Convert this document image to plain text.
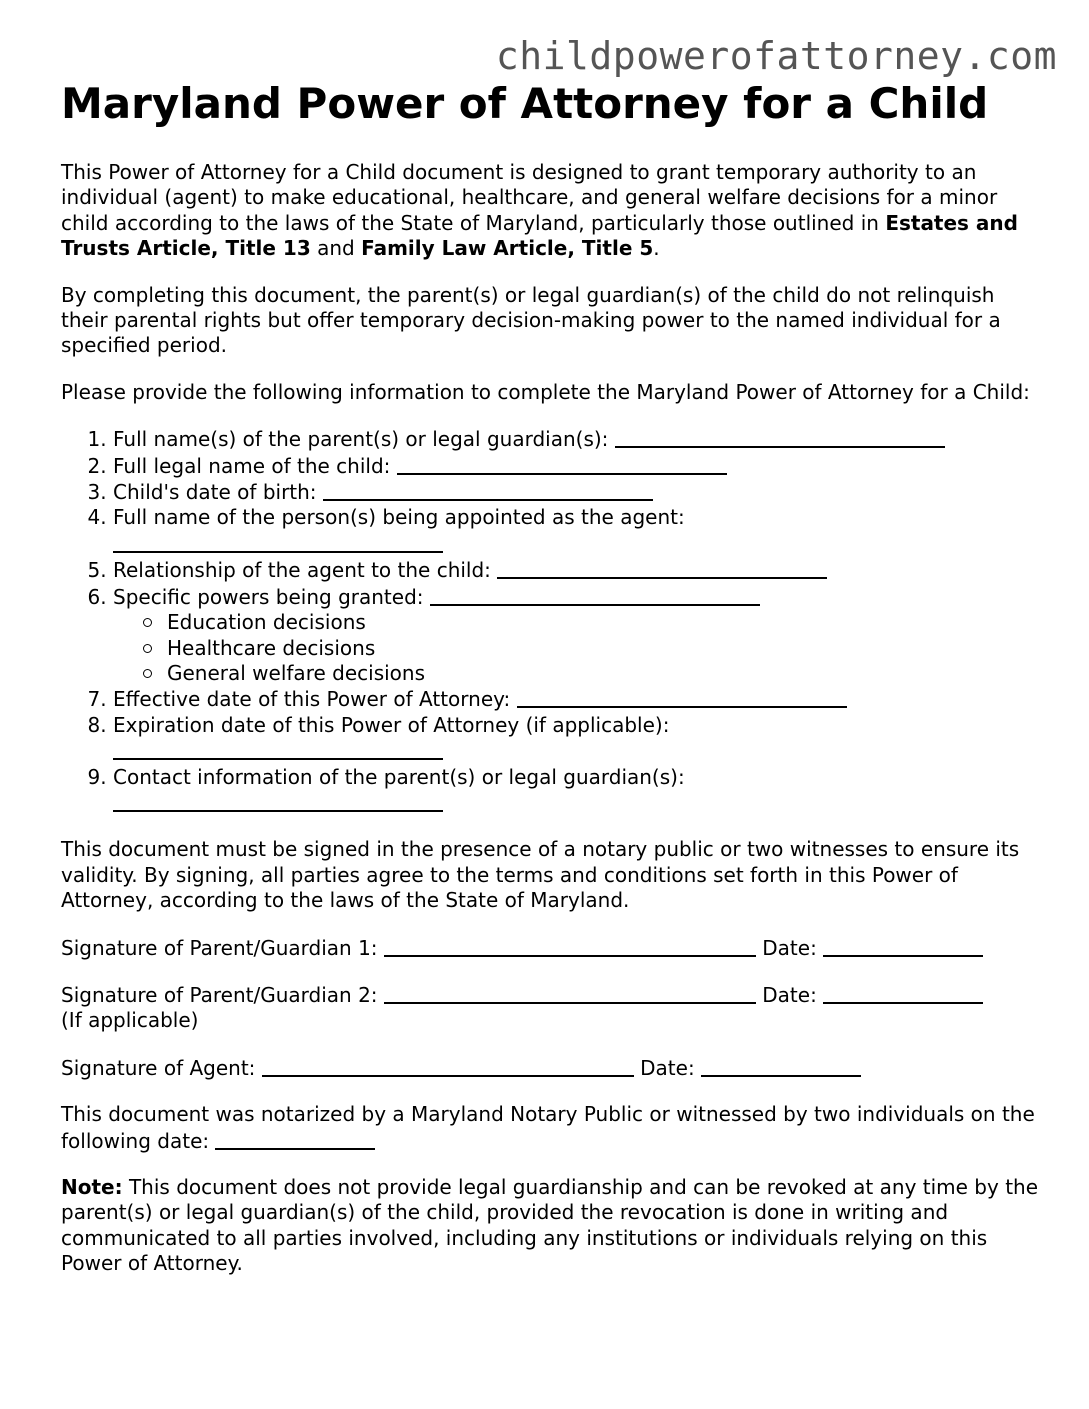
childpowerofattorney.com
Maryland Power of Attorney for a Child

This Power of Attorney for a Child document is designed to grant temporary authority to an individual (agent) to make educational, healthcare, and general welfare decisions for a minor child according to the laws of the State of Maryland, particularly those outlined in Estates and Trusts Article, Title 13 and Family Law Article, Title 5.

By completing this document, the parent(s) or legal guardian(s) of the child do not relinquish their parental rights but offer temporary decision-making power to the named individual for a specified period.

Please provide the following information to complete the Maryland Power of Attorney for a Child:

1. Full name(s) of the parent(s) or legal guardian(s):
2. Full legal name of the child:
3. Child's date of birth:
4. Full name of the person(s) being appointed as the agent:

5. Relationship of the agent to the child:
6. Specific powers being granted:
Education decisions
Healthcare decisions
General welfare decisions
7. Effective date of this Power of Attorney:
8. Expiration date of this Power of Attorney (if applicable):

9. Contact information of the parent(s) or legal guardian(s):

This document must be signed in the presence of a notary public or two witnesses to ensure its validity. By signing, all parties agree to the terms and conditions set forth in this Power of Attorney, according to the laws of the State of Maryland.

Signature of Parent/Guardian 1:	Date:
Signature of Parent/Guardian 2:	Date:
(If applicable)
Signature of Agent:	Date:

This document was notarized by a Maryland Notary Public or witnessed by two individuals on the following date:

Note: This document does not provide legal guardianship and can be revoked at any time by the parent(s) or legal guardian(s) of the child, provided the revocation is done in writing and communicated to all parties involved, including any institutions or individuals relying on this Power of Attorney.
